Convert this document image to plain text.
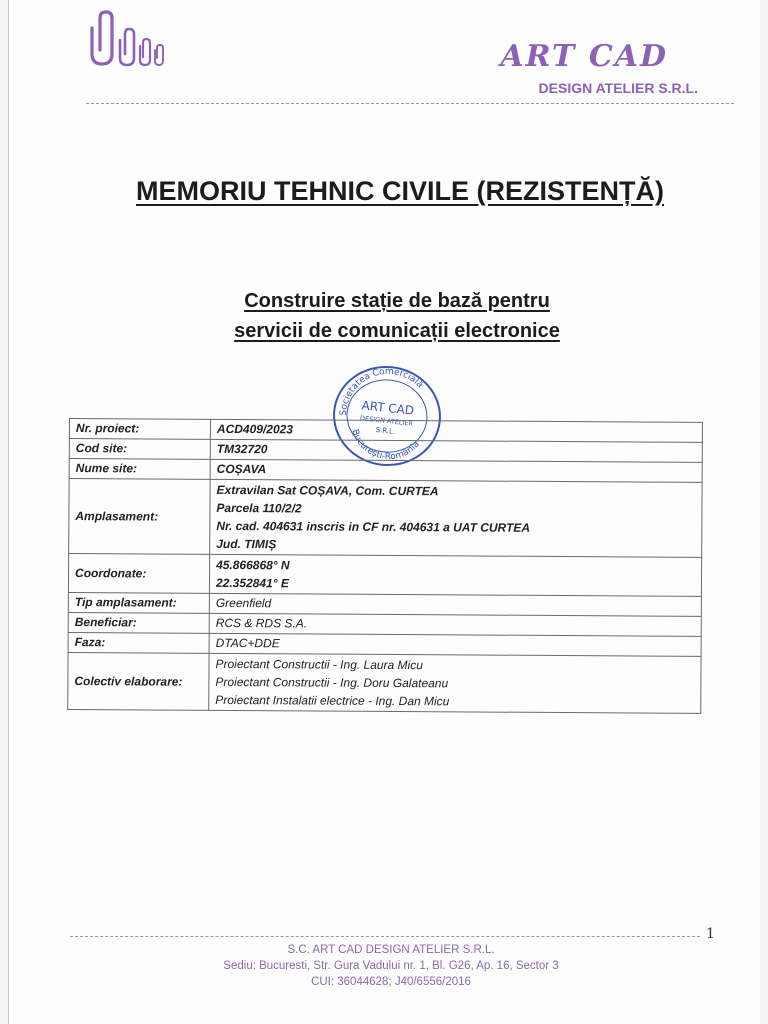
ART CAD
DESIGN ATELIER S.R.L.
MEMORIU TEHNIC CIVILE (REZISTENȚĂ)
Construire stație de bază pentru
servicii de comunicații electronice
Societatea Comercială
ART CAD
DESIGN ATELIER
S.R.L.
București-România
Nr. proiect:	ACD409/2023

Cod site:	TM32720

Nume site:	COȘAVA

Amplasament:	Extravilan Sat COȘAVA, Com. CURTEA
Parcela 110/2/2
Nr. cad. 404631 inscris in CF nr. 404631 a UAT CURTEA
Jud. TIMIȘ

Coordonate:	45.866868° N
22.352841° E

Tip amplasament:	Greenfield

Beneficiar:	RCS & RDS S.A.

Faza:	DTAC+DDE

Colectiv elaborare:	Proiectant Constructii - Ing. Laura Micu
Proiectant Constructii - Ing. Doru Galateanu
Proiectant Instalatii electrice - Ing. Dan Micu
1
S.C. ART CAD DESIGN ATELIER S.R.L.
Sediu: Bucuresti, Str. Gura Vadului nr. 1, Bl. G26, Ap. 16, Sector 3
CUI: 36044628; J40/6556/2016
